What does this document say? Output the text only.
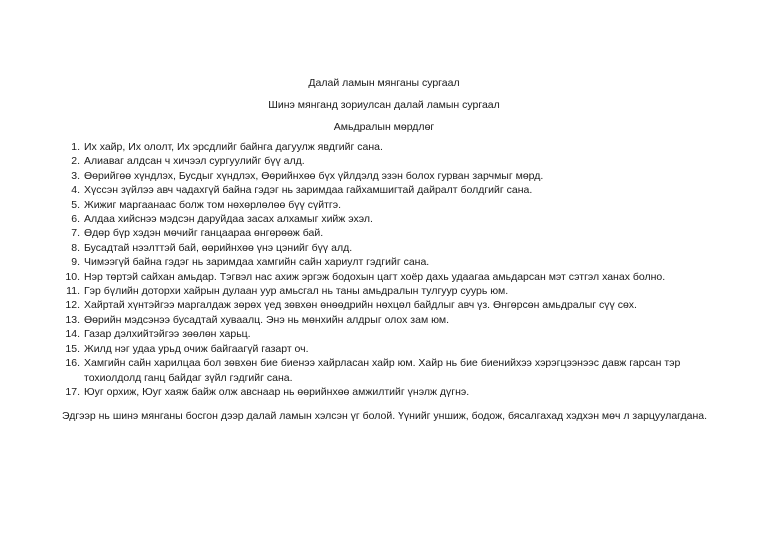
Далай ламын мянганы сургаал
Шинэ мянганд зориулсан далай ламын сургаал
Амьдралын мөрдлөг
1. Их хайр, Их ололт, Их эрсдлийг байнга дагуулж явдгийг сана.
2. Алиаваг алдсан ч хичээл сургуулийг бүү алд.
3. Өөрийгөө хүндлэх, Бусдыг хүндлэх, Өөрийнхөө бүх үйлдэлд эзэн болох гурван зарчмыг мөрд.
4. Хүссэн зүйлээ авч чадахгүй байна гэдэг нь заримдаа гайхамшигтай дайралт болдгийг сана.
5. Жижиг маргаанаас болж том нөхөрлөлөө бүү сүйтгэ.
6. Алдаа хийснээ мэдсэн даруйдаа засах алхамыг хийж эхэл.
7. Өдөр бүр хэдэн мөчийг ганцаараа өнгөрөөж бай.
8. Бусадтай нээлттэй бай, өөрийнхөө үнэ цэнийг бүү алд.
9. Чимээгүй байна гэдэг нь заримдаа хамгийн сайн хариулт гэдгийг сана.
10. Нэр төртэй сайхан амьдар. Тэгвэл нас ахиж эргэж бодохын цагт хоёр дахь удаагаа амьдарсан мэт сэтгэл ханах болно.
11. Гэр бүлийн доторхи хайрын дулаан уур амьсгал нь таны амьдралын тулгуур суурь юм.
12. Хайртай хүнтэйгээ маргалдаж зөрөх үед зөвхөн өнөөдрийн нөхцөл байдлыг авч үз. Өнгөрсөн амьдралыг сүү сөх.
13. Өөрийн мэдсэнээ бусадтай хуваалц. Энэ нь мөнхийн алдрыг олох зам юм.
14. Газар дэлхийтэйгээ зөөлөн харьц.
15. Жилд нэг удаа урьд очиж байгаагүй газарт оч.
16. Хамгийн сайн харилцаа бол зөвхөн бие биенээ хайрласан хайр юм. Хайр нь бие биенийхээ хэрэгцээнээс давж гарсан тэр тохиолдолд ганц байдаг зүйл гэдгийг сана.
17. Юуг орхиж, Юуг хаяж байж олж авснаар нь өөрийнхөө амжилтийг үнэлж дүгнэ.

Эдгээр нь шинэ мянганы босгон дээр далай ламын хэлсэн үг болой. Үүнийг уншиж, бодож, бясалгахад хэдхэн мөч л зарцуулагдана.
